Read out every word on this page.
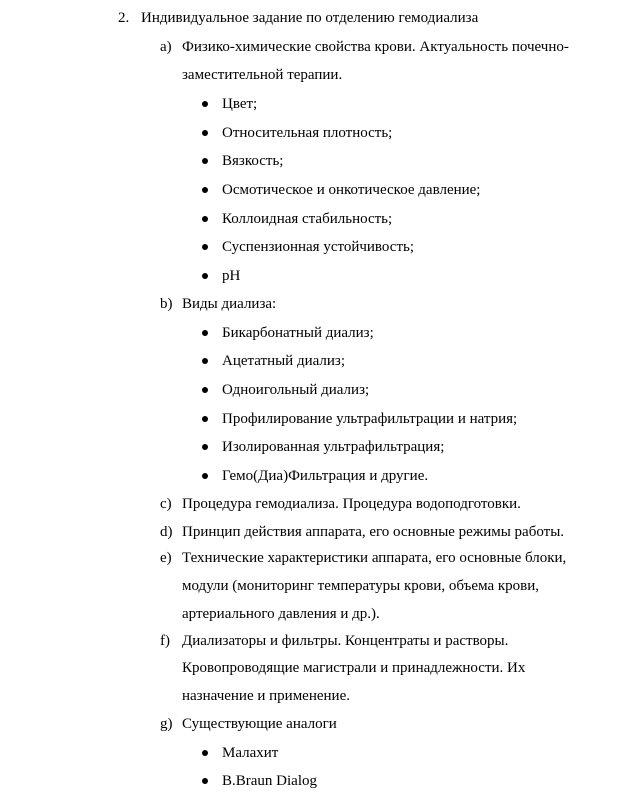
2. Индивидуальное задание по отделению гемодиализа
a) Физико-химические свойства крови. Актуальность почечно-
заместительной терапии.
Цвет;
Относительная плотность;
Вязкость;
Осмотическое и онкотическое давление;
Коллоидная стабильность;
Суспензионная устойчивость;
pH
b) Виды диализа:
Бикарбонатный диализ;
Ацетатный диализ;
Одноигольный диализ;
Профилирование ультрафильтрации и натрия;
Изолированная ультрафильтрация;
Гемо(Диа)Фильтрация и другие.
c) Процедура гемодиализа. Процедура водоподготовки.
d) Принцип действия аппарата, его основные режимы работы.
e) Технические характеристики аппарата, его основные блоки,
модули (мониторинг температуры крови, объема крови,
артериального давления и др.).
f) Диализаторы и фильтры. Концентраты и растворы.
Кровопроводящие магистрали и принадлежности. Их
назначение и применение.
g) Существующие аналоги
Малахит
B.Braun Dialog
